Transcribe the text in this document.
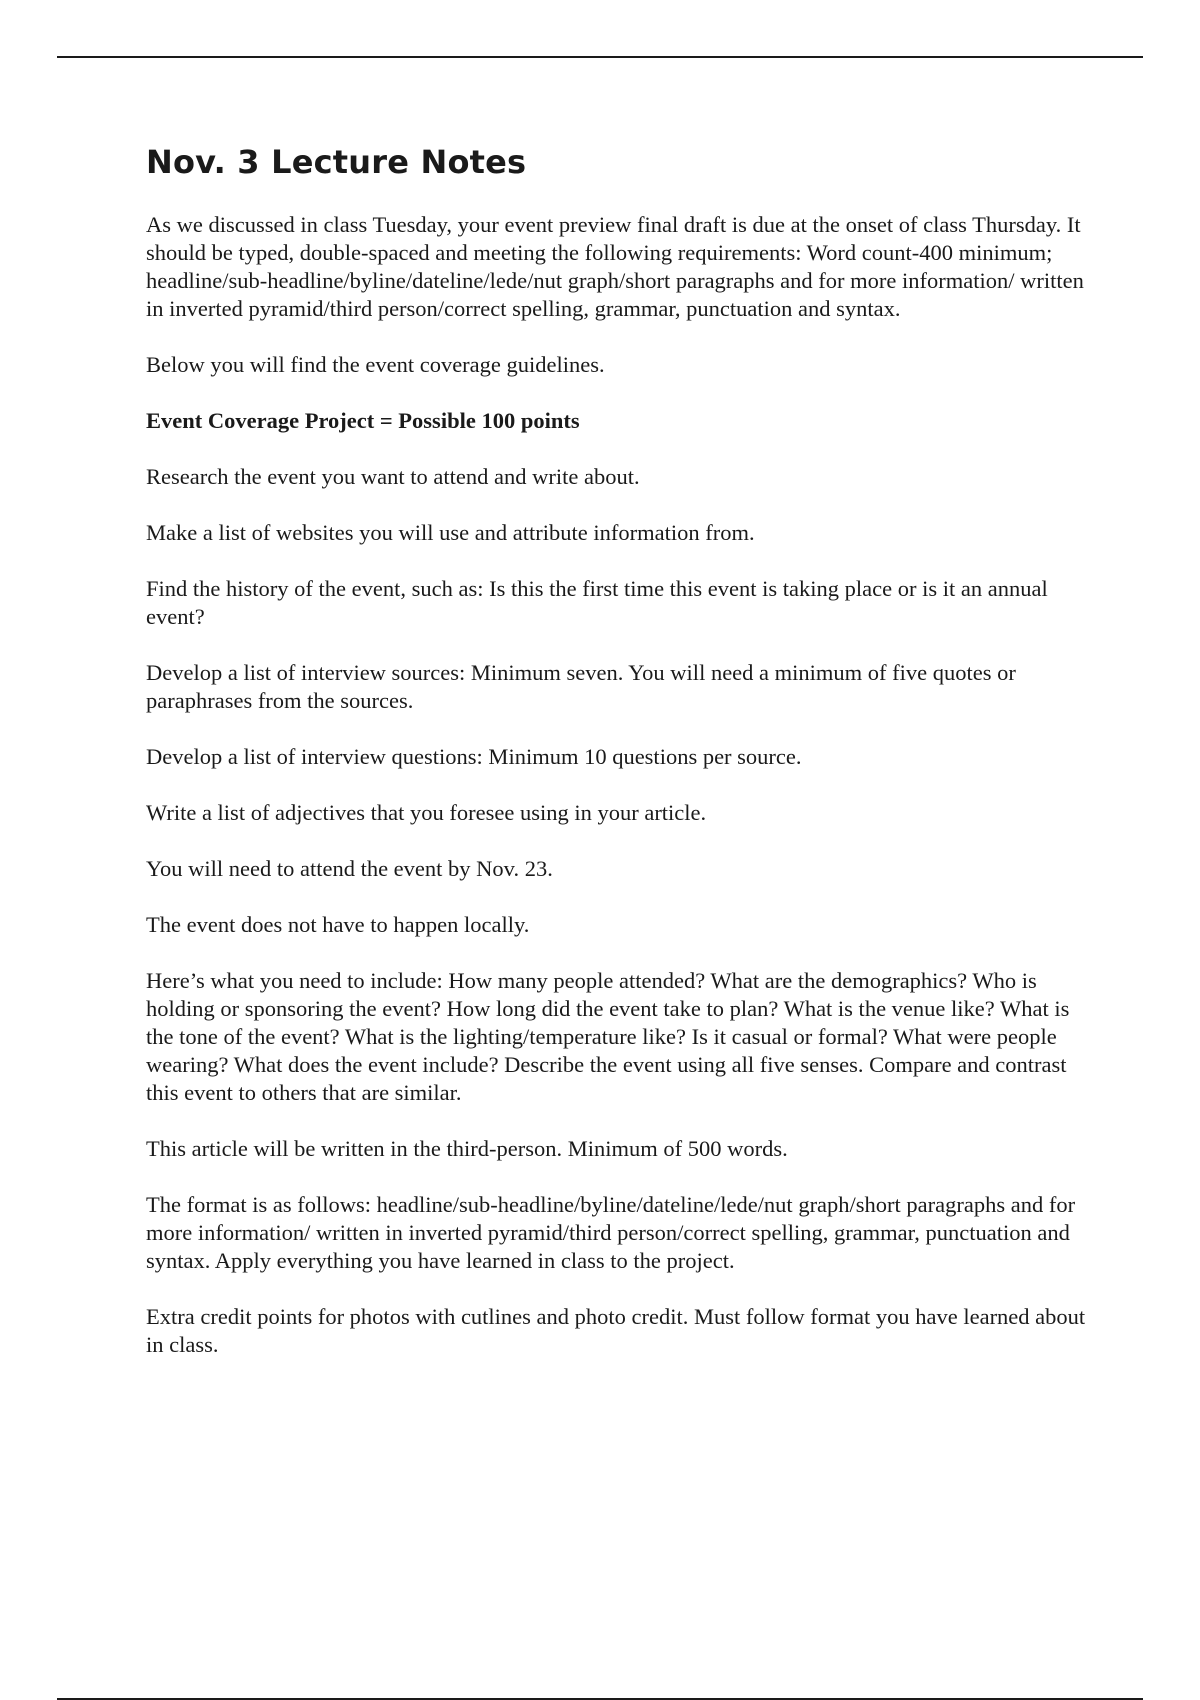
Nov. 3 Lecture Notes

As we discussed in class Tuesday, your event preview final draft is due at the onset of class Thursday. It should be typed, double-spaced and meeting the following requirements: Word count-400 minimum; headline/sub-headline/byline/dateline/lede/nut graph/short paragraphs and for more information/ written in inverted pyramid/third person/correct spelling, grammar, punctuation and syntax.

Below you will find the event coverage guidelines.

Event Coverage Project = Possible 100 points

Research the event you want to attend and write about.

Make a list of websites you will use and attribute information from.

Find the history of the event, such as: Is this the first time this event is taking place or is it an annual event?

Develop a list of interview sources: Minimum seven. You will need a minimum of five quotes or paraphrases from the sources.

Develop a list of interview questions: Minimum 10 questions per source.

Write a list of adjectives that you foresee using in your article.

You will need to attend the event by Nov. 23.

The event does not have to happen locally.

Here’s what you need to include: How many people attended? What are the demographics? Who is holding or sponsoring the event? How long did the event take to plan? What is the venue like? What is the tone of the event? What is the lighting/temperature like? Is it casual or formal? What were people wearing? What does the event include? Describe the event using all five senses. Compare and contrast this event to others that are similar.

This article will be written in the third-person. Minimum of 500 words.

The format is as follows: headline/sub-headline/byline/dateline/lede/nut graph/short paragraphs and for more information/ written in inverted pyramid/third person/correct spelling, grammar, punctuation and syntax. Apply everything you have learned in class to the project.

Extra credit points for photos with cutlines and photo credit. Must follow format you have learned about in class.
